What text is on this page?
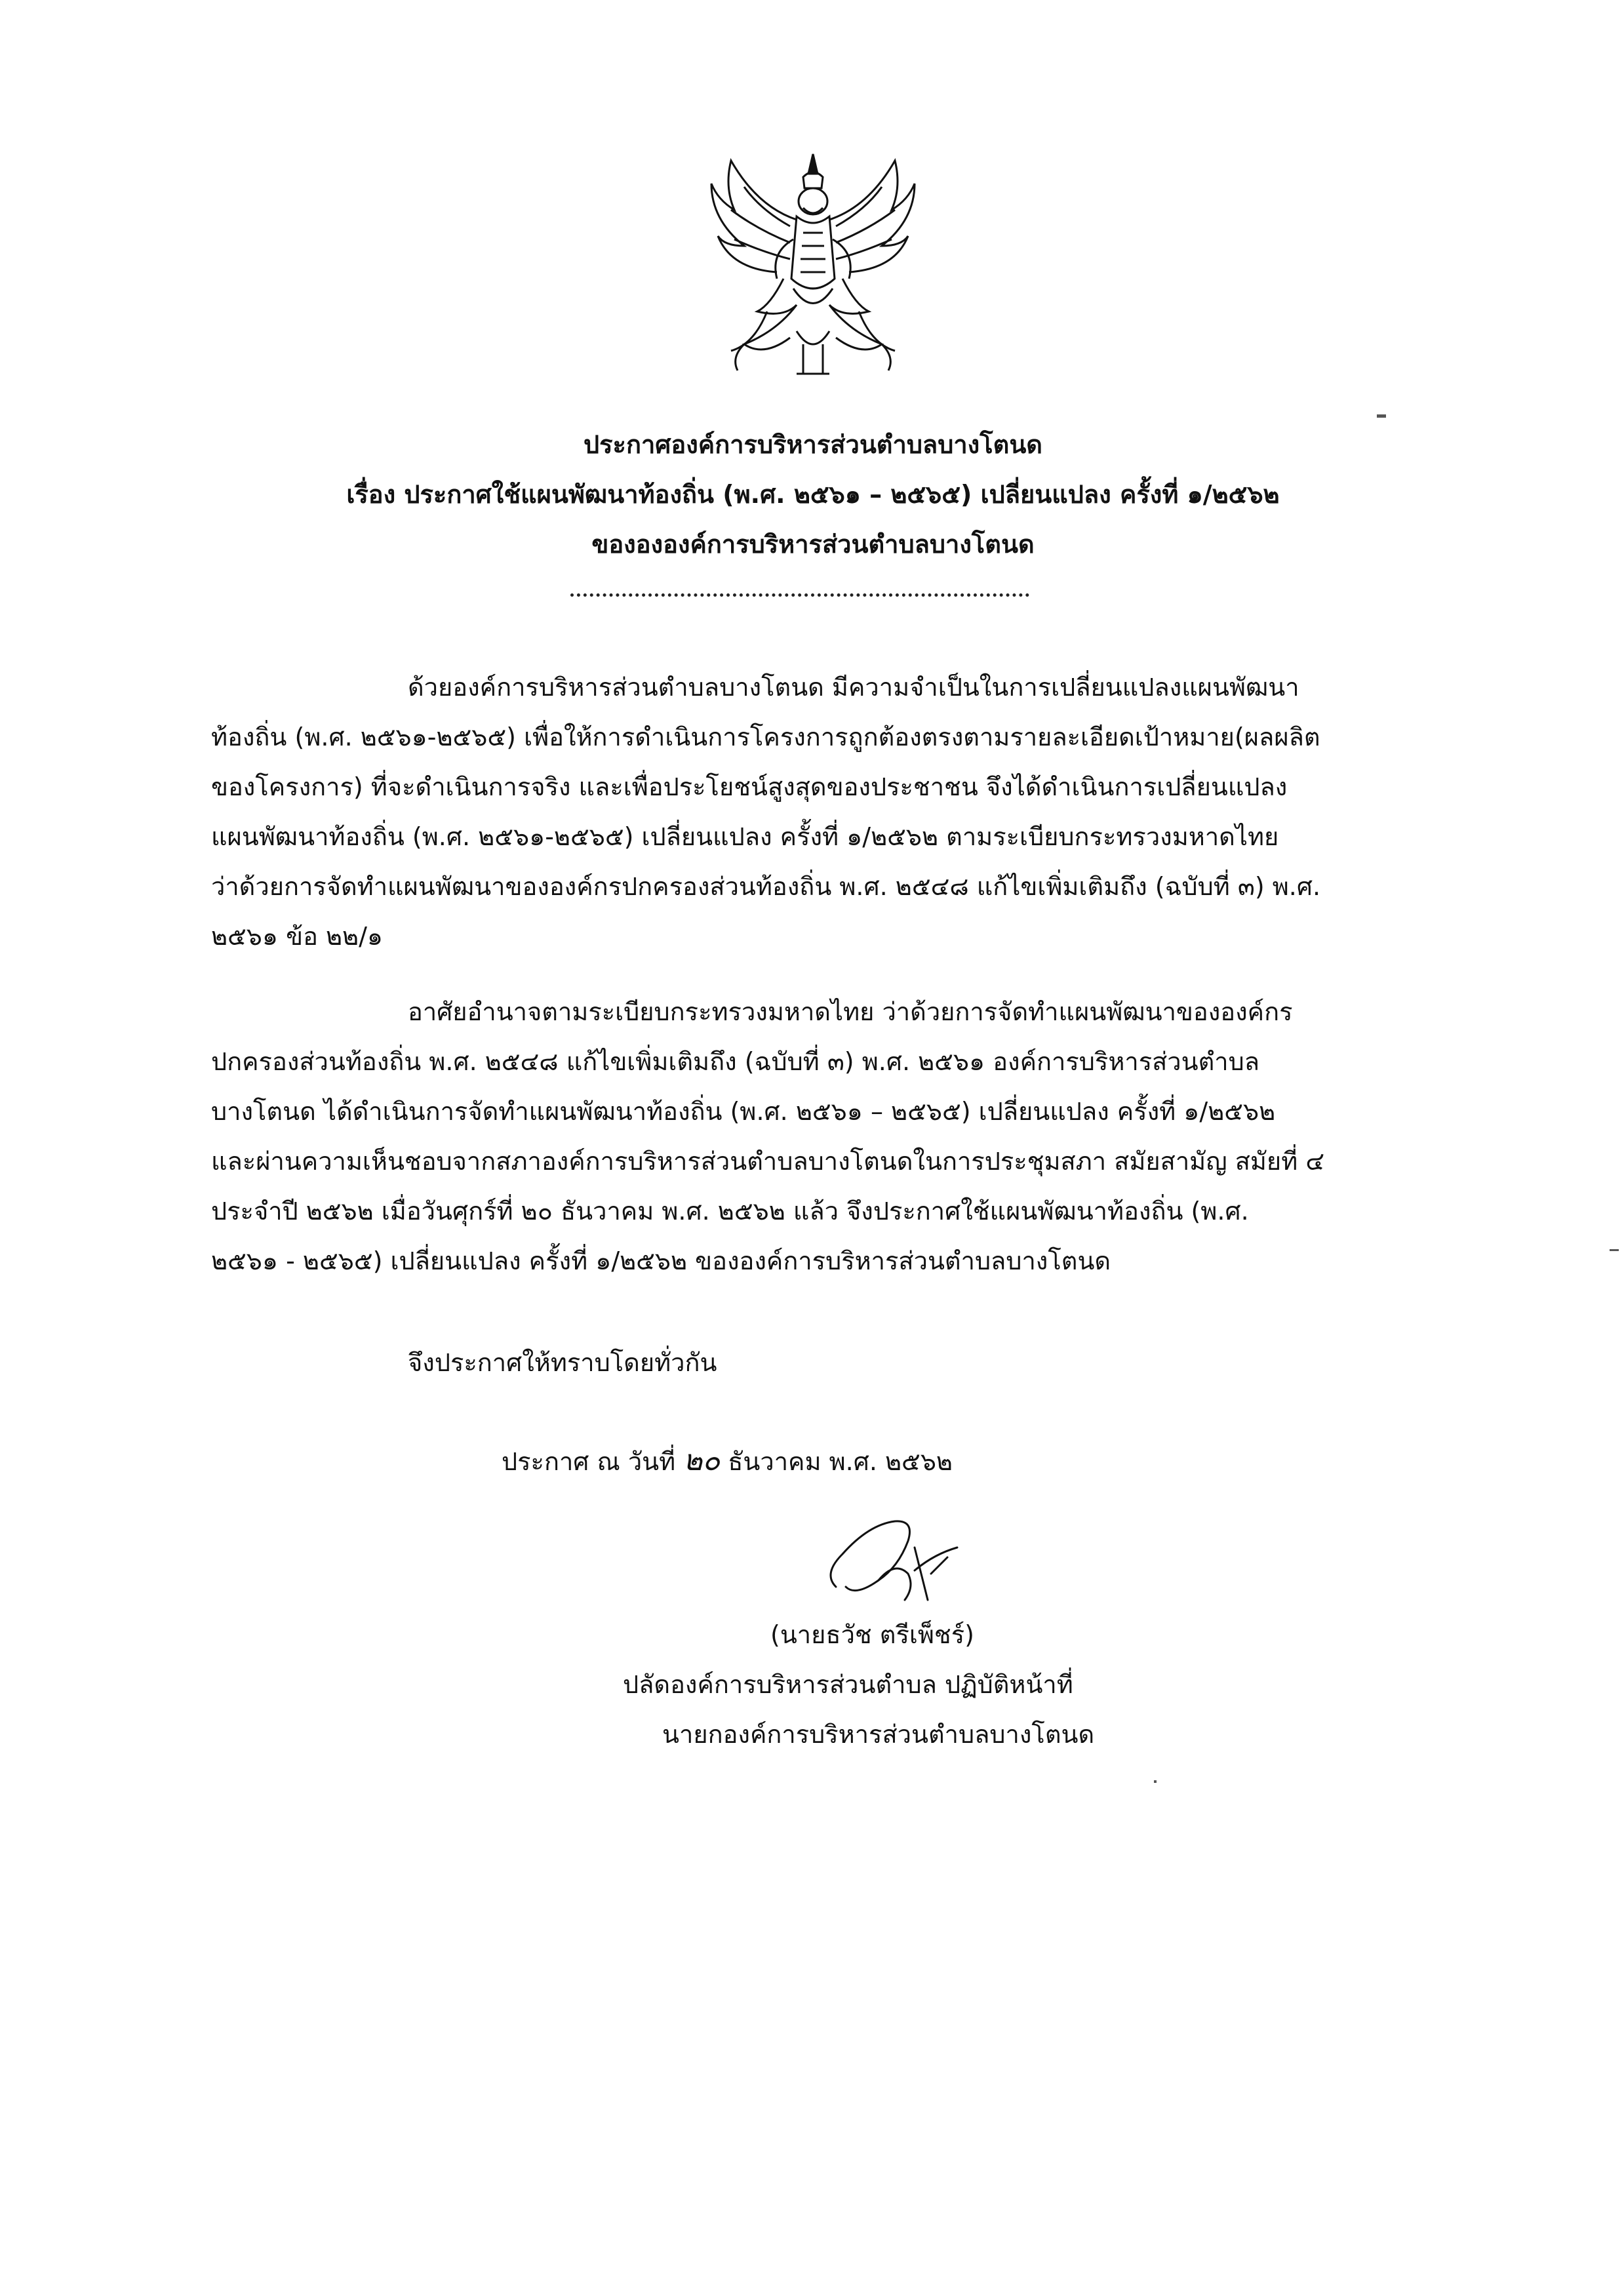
ประกาศองค์การบริหารส่วนตำบลบางโตนด
เรื่อง ประกาศใช้แผนพัฒนาท้องถิ่น (พ.ศ. ๒๕๖๑ – ๒๕๖๕) เปลี่ยนแปลง ครั้งที่ ๑/๒๕๖๒
ของององค์การบริหารส่วนตำบลบางโตนด
ด้วยองค์การบริหารส่วนตำบลบางโตนด มีความจำเป็นในการเปลี่ยนแปลงแผนพัฒนา
ท้องถิ่น (พ.ศ. ๒๕๖๑-๒๕๖๕) เพื่อให้การดำเนินการโครงการถูกต้องตรงตามรายละเอียดเป้าหมาย(ผลผลิต
ของโครงการ) ที่จะดำเนินการจริง และเพื่อประโยชน์สูงสุดของประชาชน จึงได้ดำเนินการเปลี่ยนแปลง
แผนพัฒนาท้องถิ่น (พ.ศ. ๒๕๖๑-๒๕๖๕) เปลี่ยนแปลง ครั้งที่ ๑/๒๕๖๒ ตามระเบียบกระทรวงมหาดไทย
ว่าด้วยการจัดทำแผนพัฒนาขององค์กรปกครองส่วนท้องถิ่น พ.ศ. ๒๕๔๘ แก้ไขเพิ่มเติมถึง (ฉบับที่ ๓) พ.ศ.
๒๕๖๑ ข้อ ๒๒/๑
อาศัยอำนาจตามระเบียบกระทรวงมหาดไทย ว่าด้วยการจัดทำแผนพัฒนาขององค์กร
ปกครองส่วนท้องถิ่น พ.ศ. ๒๕๔๘ แก้ไขเพิ่มเติมถึง (ฉบับที่ ๓) พ.ศ. ๒๕๖๑ องค์การบริหารส่วนตำบล
บางโตนด ได้ดำเนินการจัดทำแผนพัฒนาท้องถิ่น (พ.ศ. ๒๕๖๑ – ๒๕๖๕) เปลี่ยนแปลง ครั้งที่ ๑/๒๕๖๒
และผ่านความเห็นชอบจากสภาองค์การบริหารส่วนตำบลบางโตนดในการประชุมสภา สมัยสามัญ สมัยที่ ๔
ประจำปี ๒๕๖๒ เมื่อวันศุกร์ที่ ๒๐ ธันวาคม พ.ศ. ๒๕๖๒ แล้ว จึงประกาศใช้แผนพัฒนาท้องถิ่น (พ.ศ.
๒๕๖๑ - ๒๕๖๕) เปลี่ยนแปลง ครั้งที่ ๑/๒๕๖๒ ขององค์การบริหารส่วนตำบลบางโตนด
จึงประกาศให้ทราบโดยทั่วกัน
ประกาศ ณ วันที่ ๒๐ ธันวาคม พ.ศ. ๒๕๖๒
(นายธวัช ตรีเพ็ชร์)
ปลัดองค์การบริหารส่วนตำบล ปฏิบัติหน้าที่
นายกองค์การบริหารส่วนตำบลบางโตนด
